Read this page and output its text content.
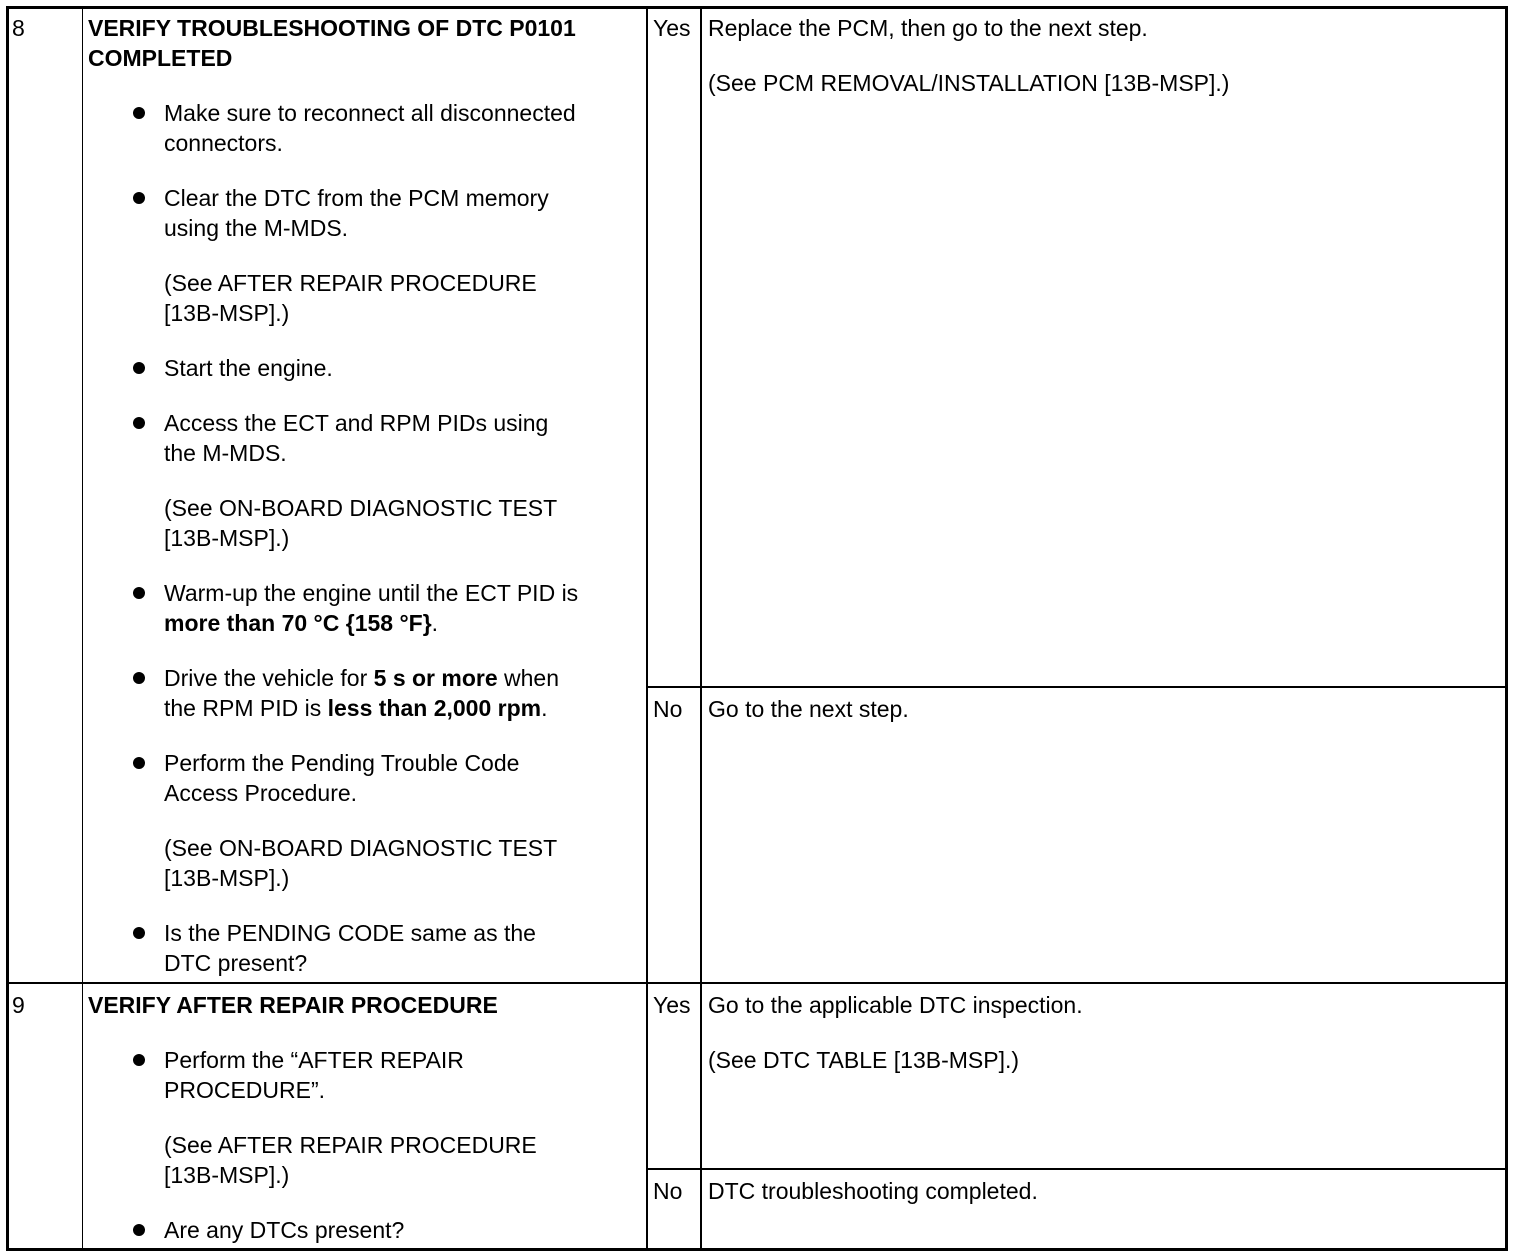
8	VERIFY TROUBLESHOOTING OF DTC P0101
COMPLETED
Make sure to reconnect all disconnected
connectors.
Clear the DTC from the PCM memory
using the M-MDS.
(See AFTER REPAIR PROCEDURE
[13B-MSP].)
Start the engine.
Access the ECT and RPM PIDs using
the M-MDS.
(See ON-BOARD DIAGNOSTIC TEST
[13B-MSP].)
Warm-up the engine until the ECT PID is
more than 70 °C {158 °F}.
Drive the vehicle for 5 s or more when
the RPM PID is less than 2,000 rpm.
Perform the Pending Trouble Code
Access Procedure.
(See ON-BOARD DIAGNOSTIC TEST
[13B-MSP].)
Is the PENDING CODE same as the
DTC present?
Yes Replace the PCM, then go to the next step.
(See PCM REMOVAL/INSTALLATION [13B-MSP].)
No Go to the next step.
9	VERIFY AFTER REPAIR PROCEDURE
Perform the “AFTER REPAIR
PROCEDURE”.
(See AFTER REPAIR PROCEDURE
[13B-MSP].)
Are any DTCs present?
Yes Go to the applicable DTC inspection.
(See DTC TABLE [13B-MSP].)
No DTC troubleshooting completed.
